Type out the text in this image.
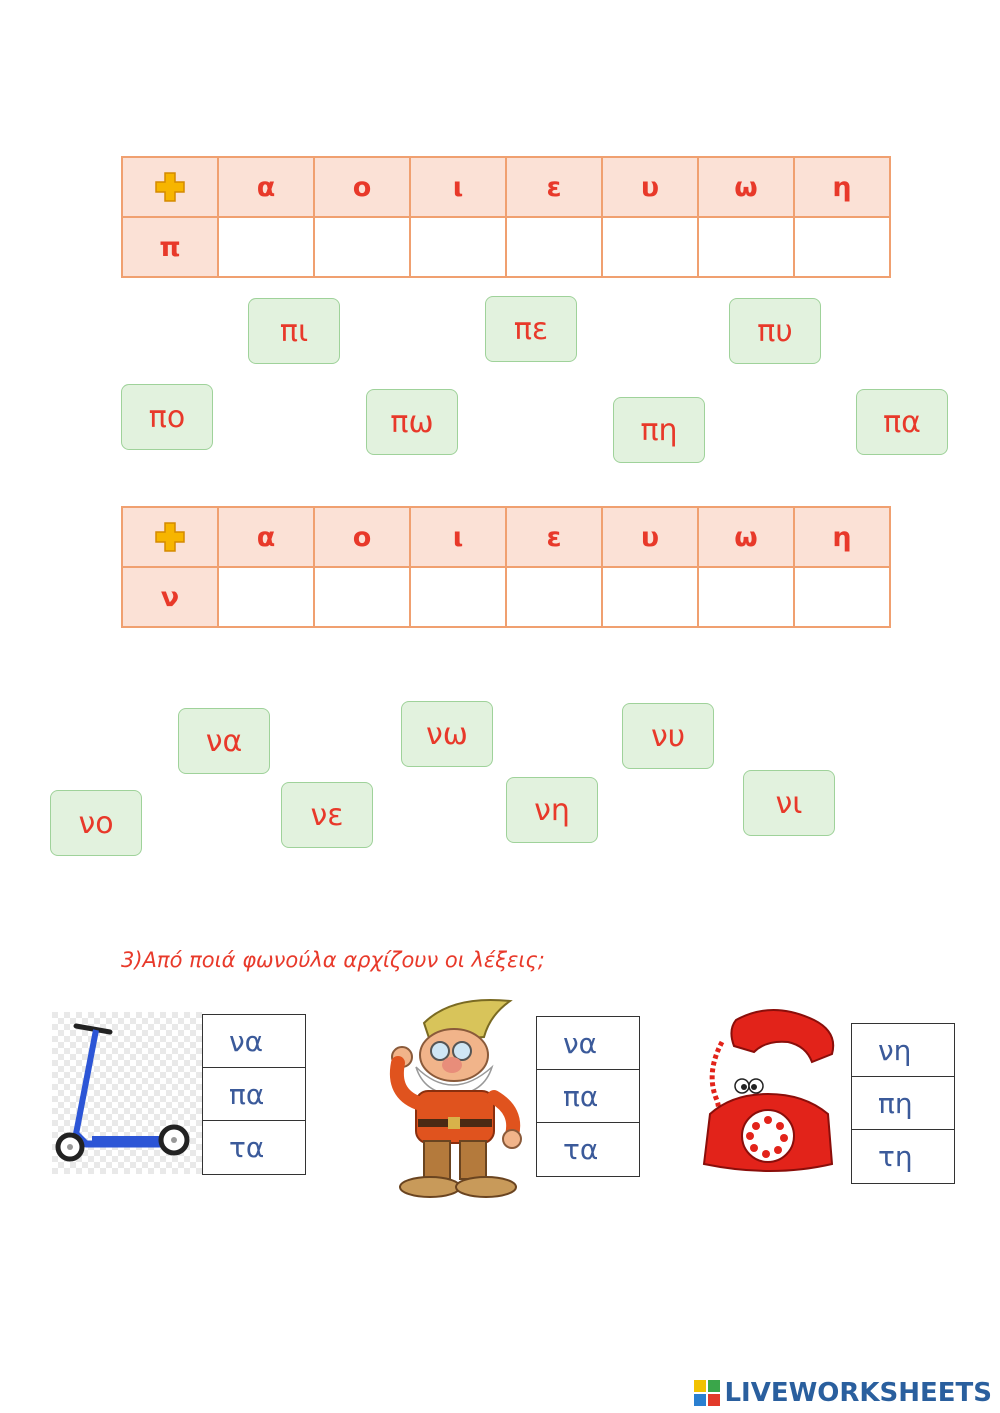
	α	ο	ι	ε	υ	ω	η
π							
πι	πε	πυ
πο	πω	πη	πα
	α	ο	ι	ε	υ	ω	η
ν							
να	νω	νυ
νο	νε	νη	νι
3)Από ποιά φωνούλα αρχίζουν οι λέξεις;
να
πα
τα
να
πα
τα
νη
πη
τη
LIVEWORKSHEETS
